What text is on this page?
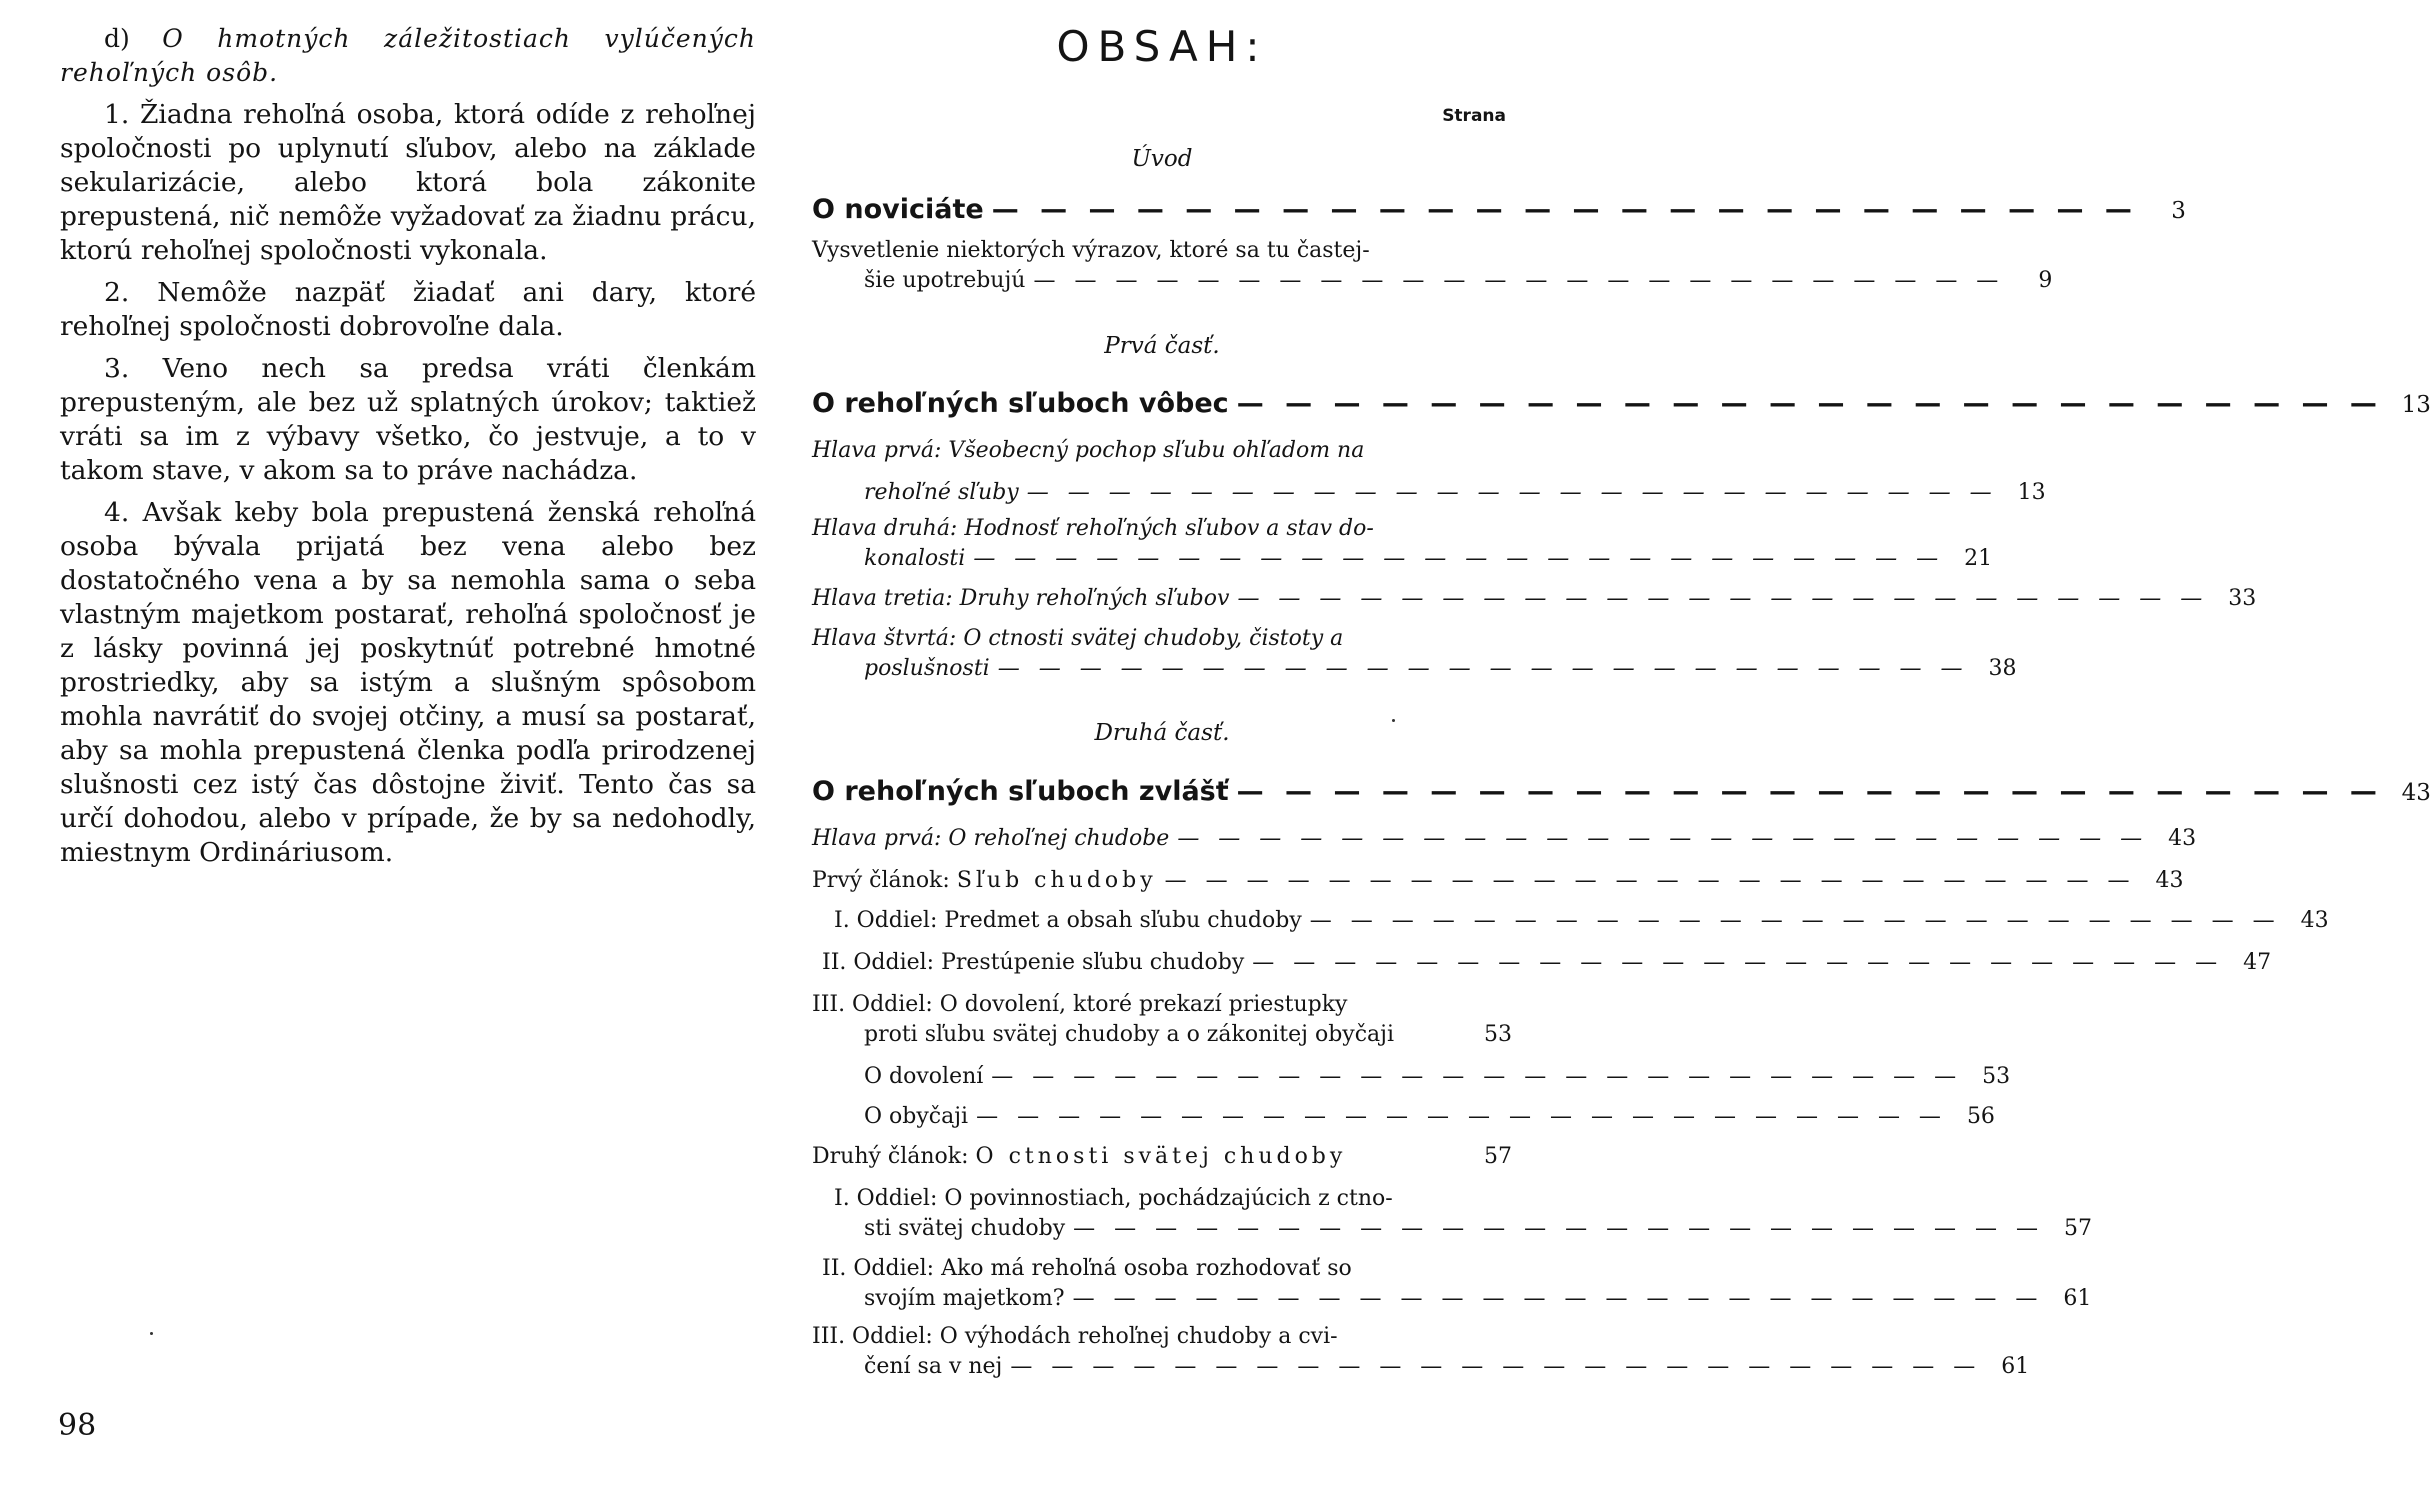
d) O hmotných záležitostiach vylúčených rehoľných osôb.

1. Žiadna rehoľná osoba, ktorá odíde z rehoľnej spoločnosti po uplynutí sľubov, alebo na základe sekularizácie, alebo ktorá bola zákonite prepustená, nič nemôže vyžadovať za žiadnu prácu, ktorú rehoľnej spoločnosti vykonala.

2. Nemôže nazpäť žiadať ani dary, ktoré rehoľnej spoločnosti dobrovoľne dala.

3. Veno nech sa predsa vráti členkám prepusteným, ale bez už splatných úrokov; taktiež vráti sa im z výbavy všetko, čo jestvuje, a to v takom stave, v akom sa to práve nachádza.

4. Avšak keby bola prepustená ženská rehoľná osoba bývala prijatá bez vena alebo bez dostatočného vena a by sa nemohla sama o seba vlastným majetkom postarať, rehoľná spoločnosť je z lásky povinná jej poskytnúť potrebné hmotné prostriedky, aby sa istým a slušným spôsobom mohla navrátiť do svojej otčiny, a musí sa postarať, aby sa mohla prepustená členka podľa prirodzenej slušnosti cez istý čas dôstojne živiť. Tento čas sa určí dohodou, alebo v prípade, že by sa nedohodly, miestnym Ordináriusom.

98
OBSAH:
Strana
Úvod
O noviciáte — — — — — — — — — — — — — — — — — — — — — — — —	3
Vysvetlenie niektorých výrazov, ktoré sa tu častej-
šie upotrebujú — — — — — — — — — — — — — — — — — — — — — — — —	9
Prvá časť.
O rehoľných sľuboch vôbec — — — — — — — — — — — — — — — — — — — — — — — — 13
Hlava prvá: Všeobecný pochop sľubu ohľadom na
rehoľné sľuby — — — — — — — — — — — — — — — — — — — — — — — — 13
Hlava druhá: Hodnosť rehoľných sľubov a stav do-
konalosti — — — — — — — — — — — — — — — — — — — — — — — — 21
Hlava tretia: Druhy rehoľných sľubov — — — — — — — — — — — — — — — — — — — — — — — — 33
Hlava štvrtá: O ctnosti svätej chudoby, čistoty a
poslušnosti — — — — — — — — — — — — — — — — — — — — — — — — 38
Druhá časť.
O rehoľných sľuboch zvlášť — — — — — — — — — — — — — — — — — — — — — — — — 43
Hlava prvá: O rehoľnej chudobe — — — — — — — — — — — — — — — — — — — — — — — — 43
Prvý článok: Sľub chudoby — — — — — — — — — — — — — — — — — — — — — — — — 43
I. Oddiel: Predmet a obsah sľubu chudoby — — — — — — — — — — — — — — — — — — — — — — — — 43
II. Oddiel: Prestúpenie sľubu chudoby — — — — — — — — — — — — — — — — — — — — — — — — 47
III. Oddiel: O dovolení, ktoré prekazí priestupky
proti sľubu svätej chudoby a o zákonitej obyčaji	53
O dovolení — — — — — — — — — — — — — — — — — — — — — — — — 53
O obyčaji — — — — — — — — — — — — — — — — — — — — — — — — 56
Druhý článok: O ctnosti svätej chudoby	57
I. Oddiel: O povinnostiach, pochádzajúcich z ctno-
sti svätej chudoby — — — — — — — — — — — — — — — — — — — — — — — — 57
II. Oddiel: Ako má rehoľná osoba rozhodovať so
svojím majetkom? — — — — — — — — — — — — — — — — — — — — — — — — 61
III. Oddiel: O výhodách rehoľnej chudoby a cvi-
čení sa v nej — — — — — — — — — — — — — — — — — — — — — — — — 61
